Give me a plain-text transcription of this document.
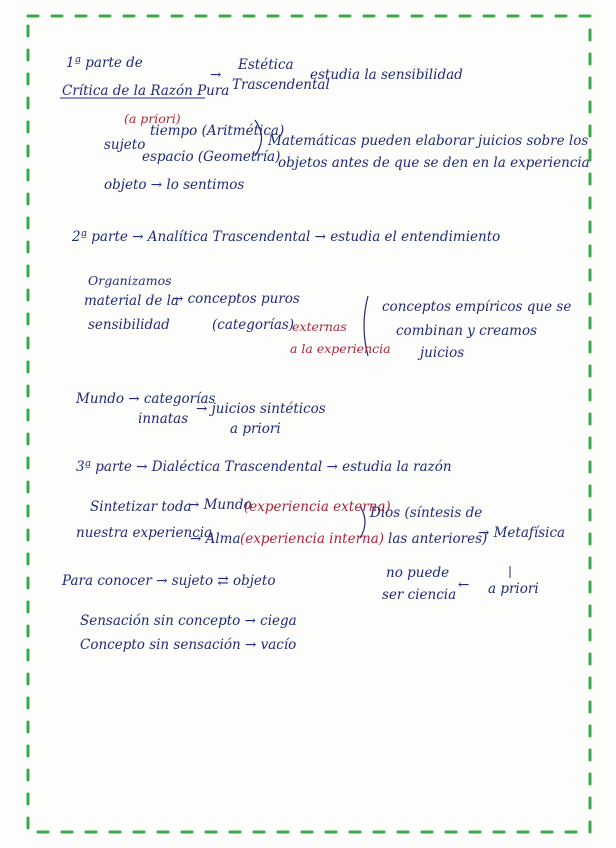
1ª parte de
Crítica de la Razón Pura
→
Estética
Trascendental
estudia la sensibilidad
(a priori)
tiempo (Aritmética)
sujeto
espacio (Geometría)
Matemáticas pueden elaborar juicios sobre los
objetos antes de que se den en la experiencia
objeto → lo sentimos
2ª parte → Analítica Trascendental → estudia el entendimiento
Organizamos
material de la
sensibilidad
→ conceptos puros
(categorías)
externas
a la experiencia
conceptos empíricos que se
combinan y creamos
juicios
Mundo → categorías
innatas
→ juicios sintéticos
a priori
3ª parte → Dialéctica Trascendental → estudia la razón
Sintetizar toda
nuestra experiencia
→ Mundo
(experiencia externa)
→ Alma (experiencia interna)
Dios (síntesis de
las anteriores)
→ Metafísica
no puede
ser ciencia
← a priori
Para conocer → sujeto ⇄ objeto
Sensación sin concepto → ciega
Concepto sin sensación → vacío
